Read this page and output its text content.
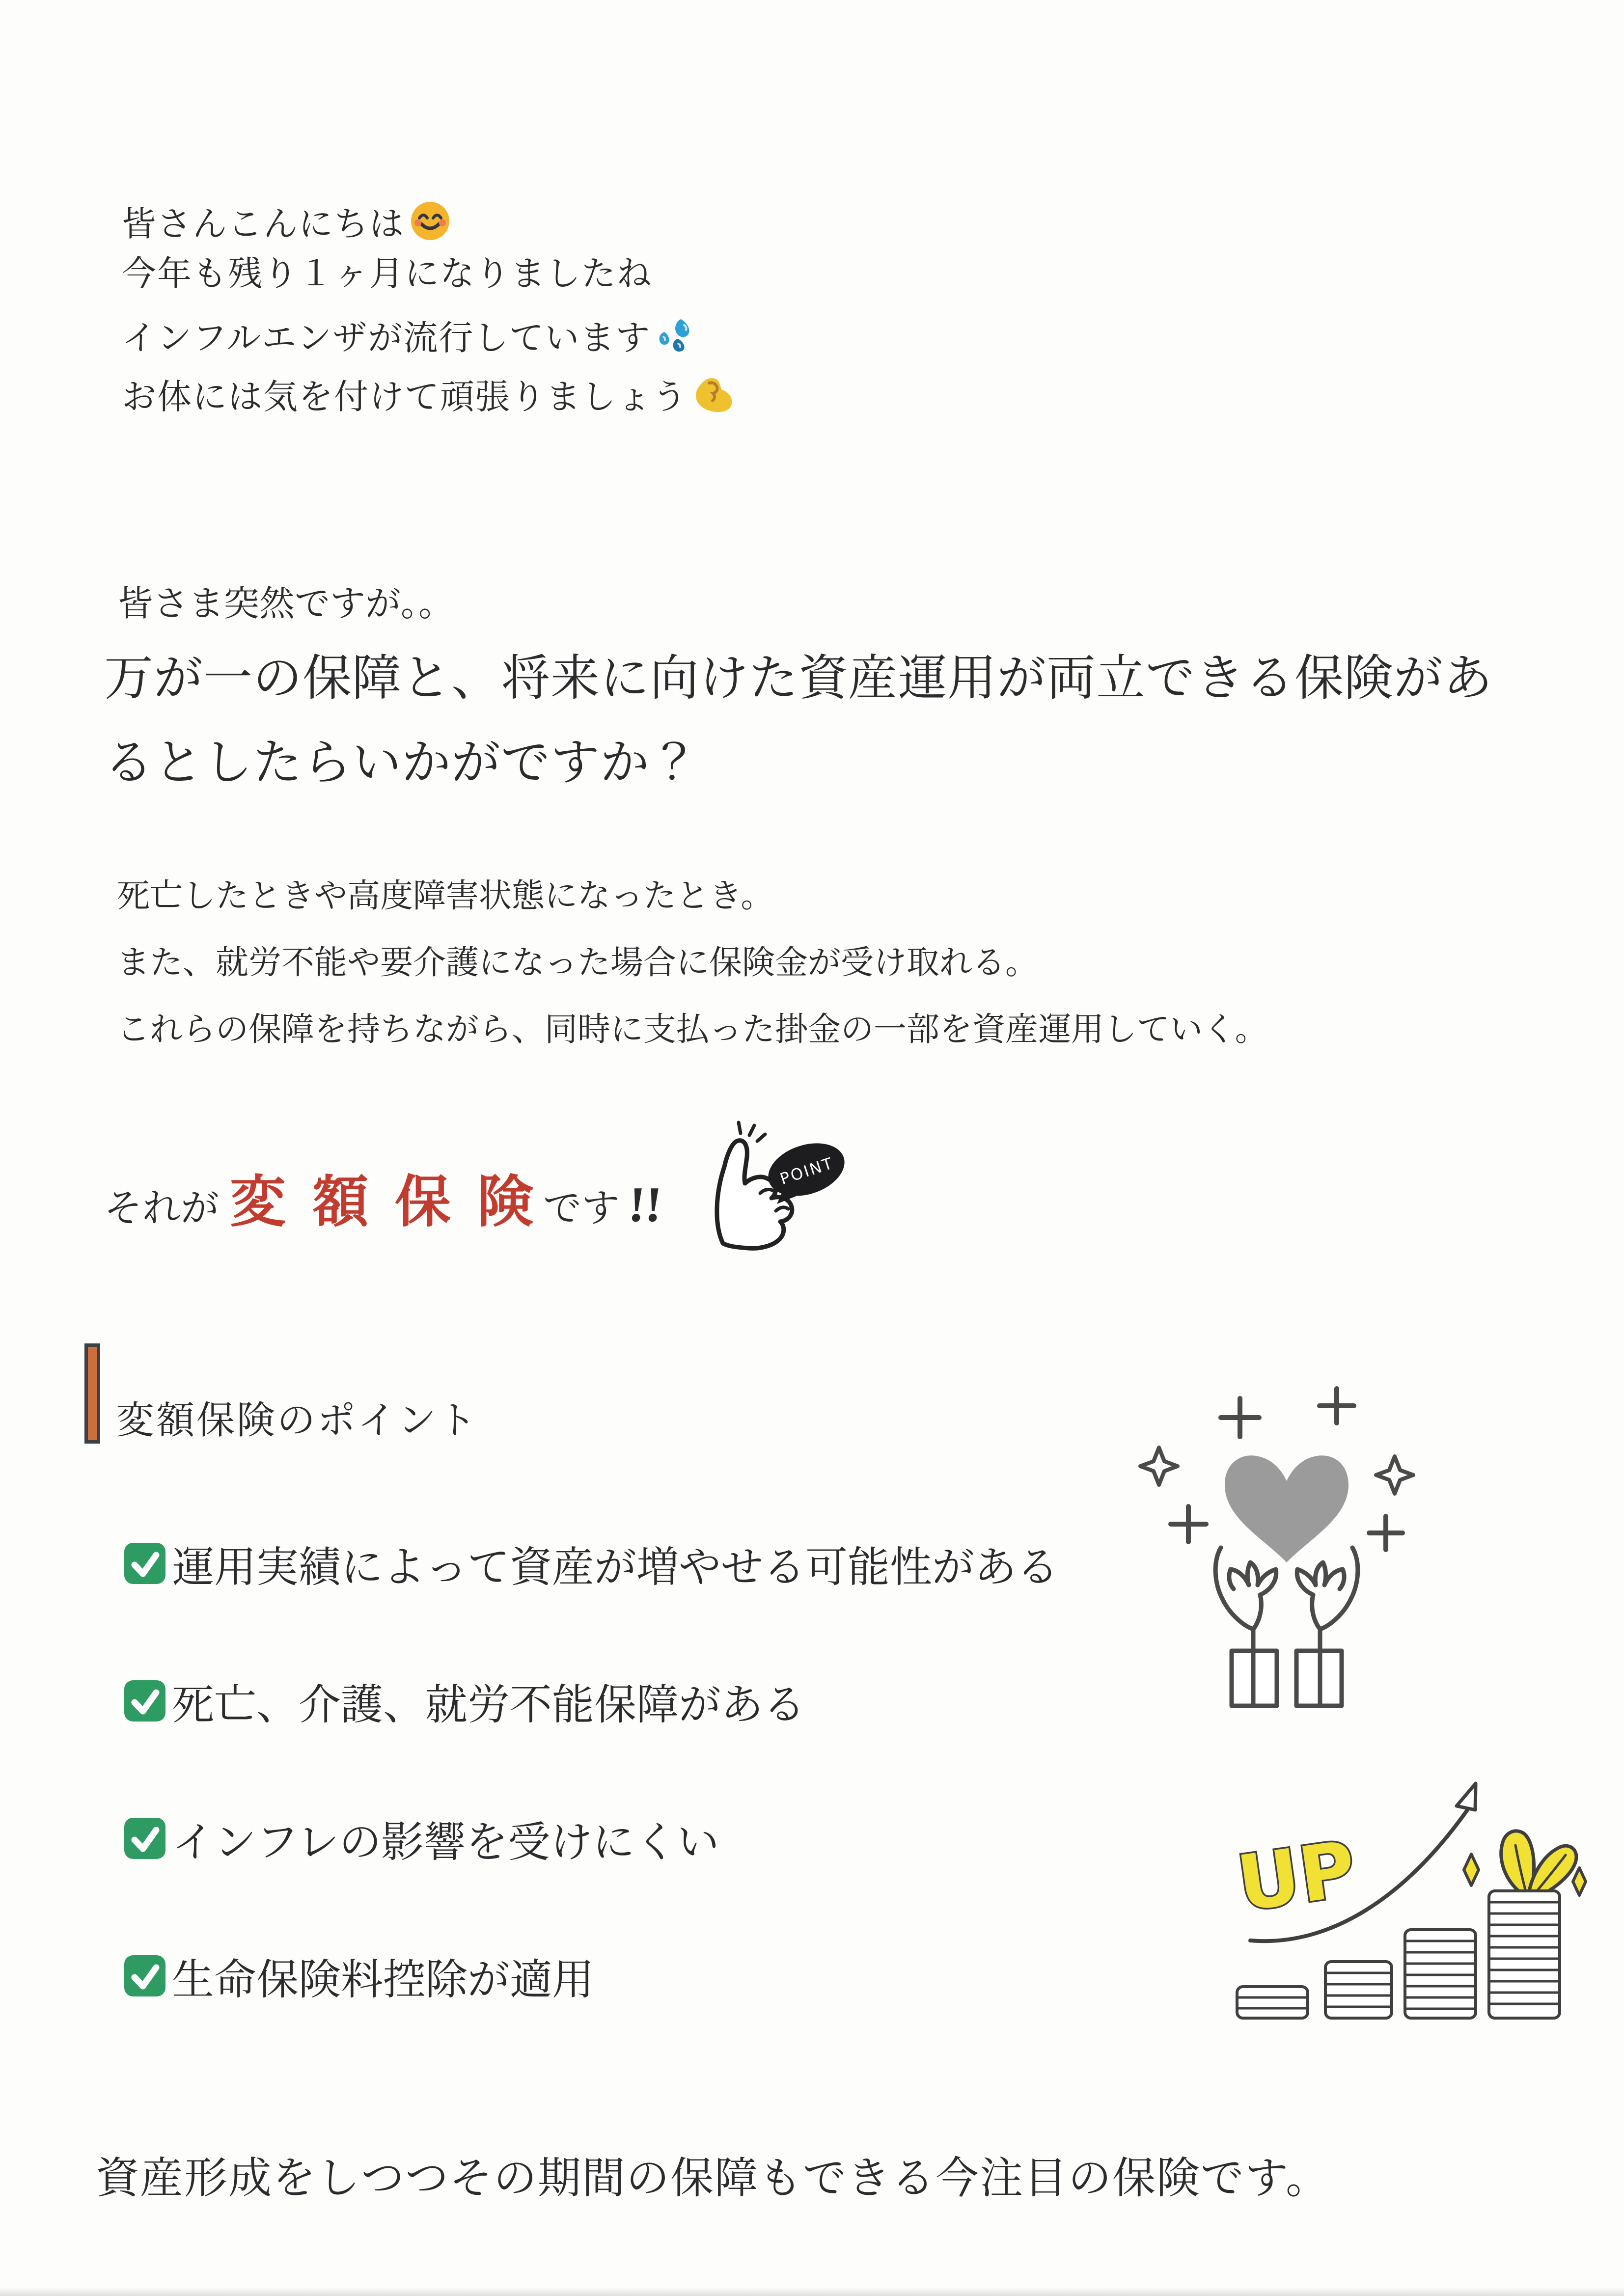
皆さんこんにちは
今年も残り１ヶ月になりましたね
インフルエンザが流行しています
お体には気を付けて頑張りましょう
皆さま突然ですが。。
万が一の保障と、将来に向けた資産運用が両立できる保険があ
るとしたらいかがですか？
死亡したときや高度障害状態になったとき。
また、就労不能や要介護になった場合に保険金が受け取れる。
これらの保障を持ちながら、同時に支払った掛金の一部を資産運用していく。
それが 変額保険
です !!
POINT
変額保険のポイント
運用実績によって資産が増やせる可能性がある
死亡、介護、就労不能保障がある
インフレの影響を受けにくい
生命保険料控除が適用
UP
資産形成をしつつその期間の保障もできる今注目の保険です。
